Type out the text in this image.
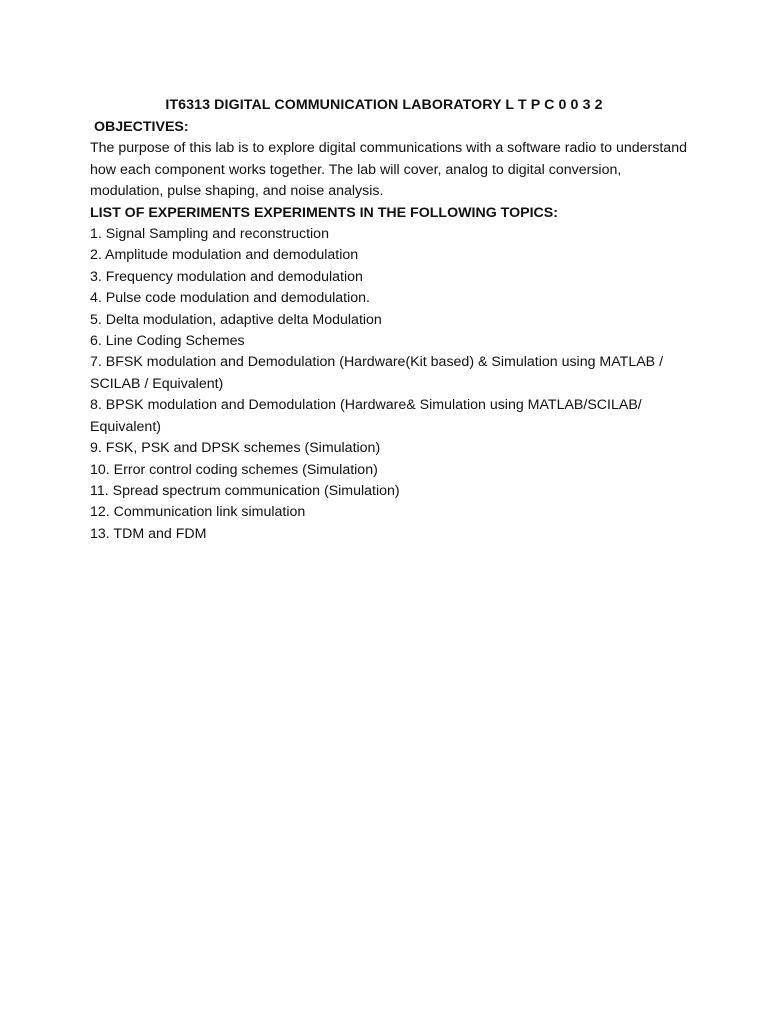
IT6313 DIGITAL COMMUNICATION LABORATORY L T P C 0 0 3 2
OBJECTIVES:
The purpose of this lab is to explore digital communications with a software radio to understand
how each component works together. The lab will cover, analog to digital conversion,
modulation, pulse shaping, and noise analysis.
LIST OF EXPERIMENTS EXPERIMENTS IN THE FOLLOWING TOPICS:
1. Signal Sampling and reconstruction
2. Amplitude modulation and demodulation
3. Frequency modulation and demodulation
4. Pulse code modulation and demodulation.
5. Delta modulation, adaptive delta Modulation
6. Line Coding Schemes
7. BFSK modulation and Demodulation (Hardware(Kit based) & Simulation using MATLAB /
SCILAB / Equivalent)
8. BPSK modulation and Demodulation (Hardware& Simulation using MATLAB/SCILAB/
Equivalent)
9. FSK, PSK and DPSK schemes (Simulation)
10. Error control coding schemes (Simulation)
11. Spread spectrum communication (Simulation)
12. Communication link simulation
13. TDM and FDM
